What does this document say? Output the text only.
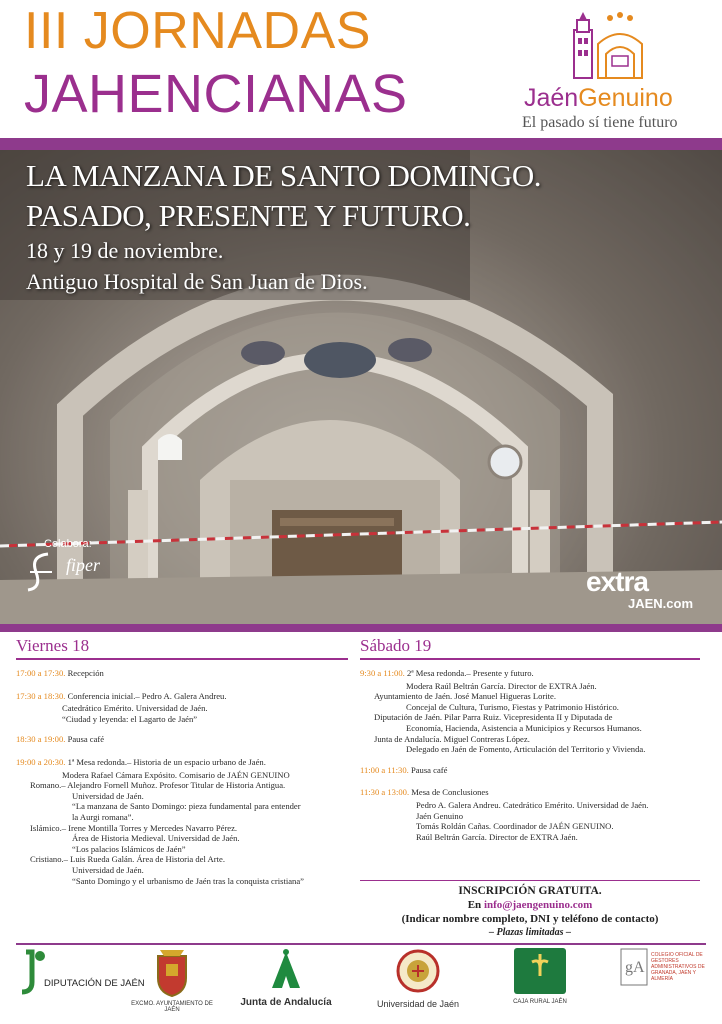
III JORNADAS
JAHENCIANAS	JaénGenuino
El pasado sí tiene futuro
LA MANZANA DE SANTO DOMINGO.
PASADO, PRESENTE Y FUTURO.
18 y 19 de noviembre.
Antiguo Hospital de San Juan de Dios.
Colabora:
fiper
extra
JAEN.com
Viernes 18
17:00 a 17:30. Recepción
17:30 a 18:30. Conferencia inicial.– Pedro A. Galera Andreu.
Catedrático Emérito. Universidad de Jaén.
“Ciudad y leyenda: el Lagarto de Jaén”
18:30 a 19:00. Pausa café
19:00 a 20:30. 1ª Mesa redonda.– Historia de un espacio urbano de Jaén.
Modera Rafael Cámara Expósito. Comisario de JAÉN GENUINO
Romano.– Alejandro Fornell Muñoz. Profesor Titular de Historia Antigua.
Universidad de Jaén.
“La manzana de Santo Domingo: pieza fundamental para entender
la Aurgi romana”.
Islámico.– Irene Montilla Torres y Mercedes Navarro Pérez.
Área de Historia Medieval. Universidad de Jaén.
“Los palacios Islámicos de Jaén”
Cristiano.– Luis Rueda Galán. Área de Historia del Arte.
Universidad de Jaén.
“Santo Domingo y el urbanismo de Jaén tras la conquista cristiana”
Sábado 19
9:30 a 11:00. 2ª Mesa redonda.– Presente y futuro.
Modera Raúl Beltrán García. Director de EXTRA Jaén.
Ayuntamiento de Jaén. José Manuel Higueras Lorite.
Concejal de Cultura, Turismo, Fiestas y Patrimonio Histórico.
Diputación de Jaén. Pilar Parra Ruiz. Vicepresidenta II y Diputada de
Economía, Hacienda, Asistencia a Municipios y Recursos Humanos.
Junta de Andalucía. Miguel Contreras López.
Delegado en Jaén de Fomento, Articulación del Territorio y Vivienda.
11:00 a 11:30. Pausa café
11:30 a 13:00. Mesa de Conclusiones
Pedro A. Galera Andreu. Catedrático Emérito. Universidad de Jaén.
Jaén Genuino
Tomás Roldán Cañas. Coordinador de JAÉN GENUINO.
Raúl Beltrán García. Director de EXTRA Jaén.
INSCRIPCIÓN GRATUITA.
En info@jaengenuino.com
(Indicar nombre completo, DNI y teléfono de contacto)
– Plazas limitadas –
DIPUTACIÓN DE JAÉN
EXCMO. AYUNTAMIENTO DE JAÉN
Junta de Andalucía	Universidad de Jaén	CAJA RURAL JAÉN
gA
COLEGIO OFICIAL DE GESTORES ADMINISTRATIVOS DE GRANADA, JAÉN Y ALMERÍA
